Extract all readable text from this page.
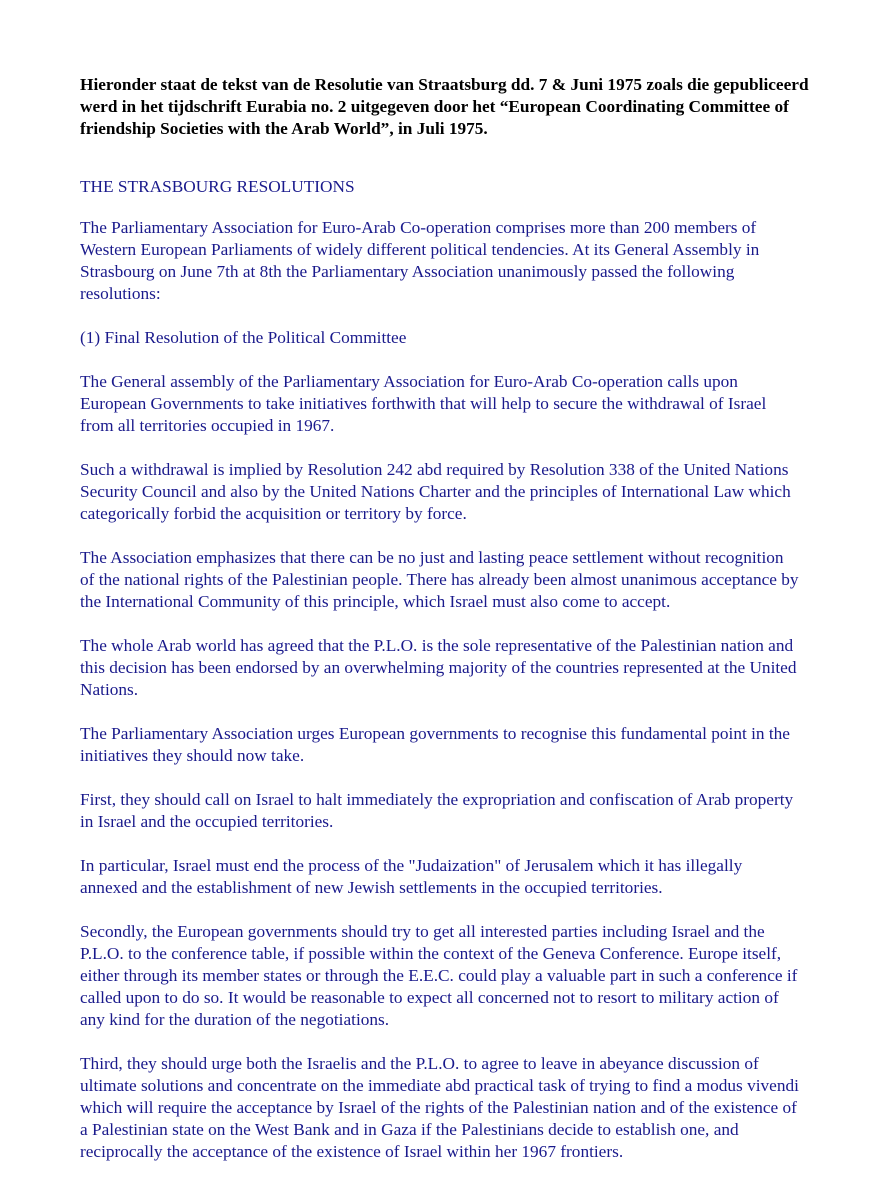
Hieronder staat de tekst van de Resolutie van Straatsburg dd. 7 & Juni 1975 zoals die gepubliceerd werd in het tijdschrift Eurabia no. 2 uitgegeven door het “European Coordinating Committee of friendship Societies with the Arab World”, in Juli 1975.

THE STRASBOURG RESOLUTIONS

The Parliamentary Association for Euro-Arab Co-operation comprises more than 200 members of Western European Parliaments of widely different political tendencies. At its General Assembly in Strasbourg on June 7th at 8th the Parliamentary Association unanimously passed the following resolutions:

(1) Final Resolution of the Political Committee

The General assembly of the Parliamentary Association for Euro-Arab Co-operation calls upon European Governments to take initiatives forthwith that will help to secure the withdrawal of Israel from all territories occupied in 1967.

Such a withdrawal is implied by Resolution 242 abd required by Resolution 338 of the United Nations Security Council and also by the United Nations Charter and the principles of International Law which categorically forbid the acquisition or territory by force.

The Association emphasizes that there can be no just and lasting peace settlement without recognition of the national rights of the Palestinian people. There has already been almost unanimous acceptance by the International Community of this principle, which Israel must also come to accept.

The whole Arab world has agreed that the P.L.O. is the sole representative of the Palestinian nation and this decision has been endorsed by an overwhelming majority of the countries represented at the United Nations.

The Parliamentary Association urges European governments to recognise this fundamental point in the initiatives they should now take.

First, they should call on Israel to halt immediately the expropriation and confiscation of Arab property in Israel and the occupied territories.

In particular, Israel must end the process of the "Judaization" of Jerusalem which it has illegally annexed and the establishment of new Jewish settlements in the occupied territories.

Secondly, the European governments should try to get all interested parties including Israel and the P.L.O. to the conference table, if possible within the context of the Geneva Conference. Europe itself, either through its member states or through the E.E.C. could play a valuable part in such a conference if called upon to do so. It would be reasonable to expect all concerned not to resort to military action of any kind for the duration of the negotiations.

Third, they should urge both the Israelis and the P.L.O. to agree to leave in abeyance discussion of ultimate solutions and concentrate on the immediate abd practical task of trying to find a modus vivendi which will require the acceptance by Israel of the rights of the Palestinian nation and of the existence of a Palestinian state on the West Bank and in Gaza if the Palestinians decide to establish one, and reciprocally the acceptance of the existence of Israel within her 1967 frontiers.
